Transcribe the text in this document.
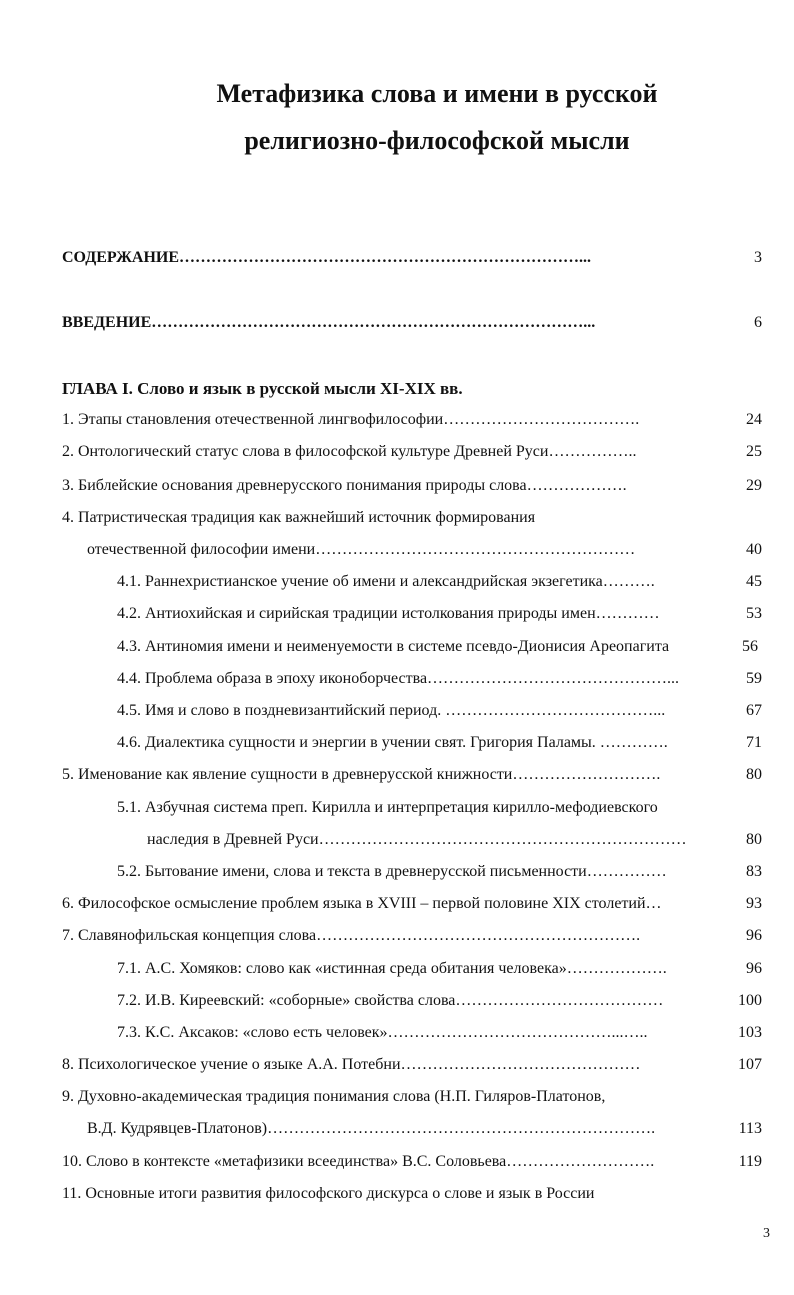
Метафизика слова и имени в русской
религиозно-философской мысли
СОДЕРЖАНИЕ…………………………………………………………………...	3
ВВЕДЕНИЕ………………………………………………………………………...	6
ГЛАВА I. Слово и язык в русской мысли XI-XIX вв.
1. Этапы становления отечественной лингвофилософии……………………………….	24
2. Онтологический статус слова в философской культуре Древней Руси……………..	25
3. Библейские основания древнерусского понимания природы слова……………….	29
4. Патристическая традиция как важнейший источник формирования
отечественной философии имени……………………………………………………	40
4.1. Раннехристианское учение об имени и александрийская экзегетика……….	45
4.2. Антиохийская и сирийская традиции истолкования природы имен…………	53
4.3. Антиномия имени и неименуемости в системе псевдо-Дионисия Ареопагита	56
4.4. Проблема образа в эпоху иконоборчества………………………………………...	59
4.5. Имя и слово в поздневизантийский период. …………………………………...	67
4.6. Диалектика сущности и энергии в учении свят. Григория Паламы. ………….	71
5. Именование как явление сущности в древнерусской книжности……………………….	80
5.1. Азбучная система преп. Кирилла и интерпретация кирилло-мефодиевского
наследия в Древней Руси……………………………………………………………	80
5.2. Бытование имени, слова и текста в древнерусской письменности……………	83
6. Философское осмысление проблем языка в XVIII – первой половине XIX столетий…	93
7. Славянофильская концепция слова…………………………………………………….	96
7.1. А.С. Хомяков: слово как «истинная среда обитания человека»……………….	96
7.2. И.В. Киреевский: «соборные» свойства слова…………………………………	100
7.3. К.С. Аксаков: «слово есть человек»……………………………………...…..	103
8. Психологическое учение о языке А.А. Потебни………………………………………	107
9. Духовно-академическая традиция понимания слова (Н.П. Гиляров-Платонов,
В.Д. Кудрявцев-Платонов)……………………………………………………………….	113
10. Слово в контексте «метафизики всеединства» В.С. Соловьева……………………….	119
11. Основные итоги развития философского дискурса о слове и язык в России
3
